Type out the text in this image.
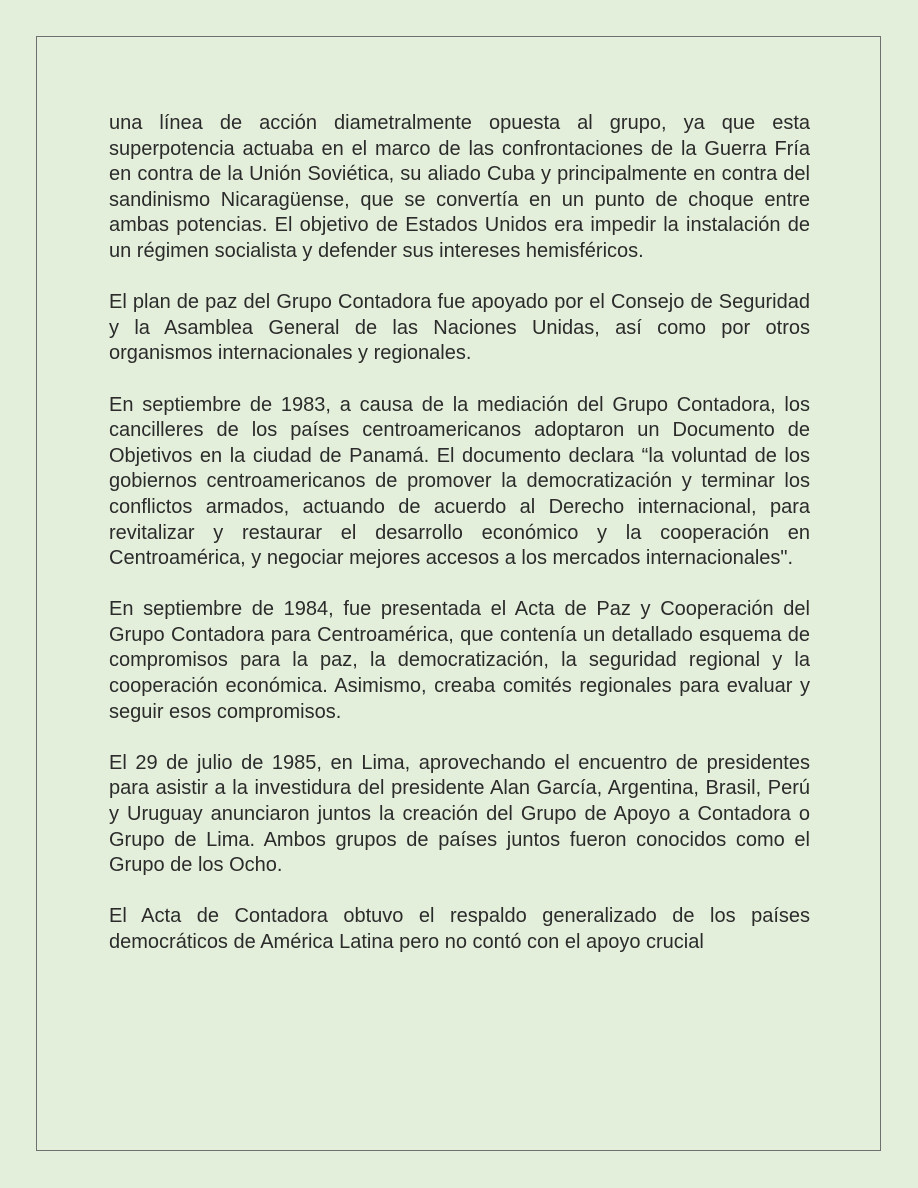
una línea de acción diametralmente opuesta al grupo, ya que esta superpotencia actuaba en el marco de las confrontaciones de la Guerra Fría en contra de la Unión Soviética, su aliado Cuba y principalmente en contra del sandinismo Nicaragüense, que se convertía en un punto de choque entre ambas potencias. El objetivo de Estados Unidos era impedir la instalación de un régimen socialista y defender sus intereses hemisféricos.

El plan de paz del Grupo Contadora fue apoyado por el Consejo de Seguridad y la Asamblea General de las Naciones Unidas, así como por otros organismos internacionales y regionales.

En septiembre de 1983, a causa de la mediación del Grupo Contadora, los cancilleres de los países centroamericanos adoptaron un Documento de Objetivos en la ciudad de Panamá. El documento declara “la voluntad de los gobiernos centroamericanos de promover la democratización y terminar los conflictos armados, actuando de acuerdo al Derecho internacional, para revitalizar y restaurar el desarrollo económico y la cooperación en Centroamérica, y negociar mejores accesos a los mercados internacionales".

En septiembre de 1984, fue presentada el Acta de Paz y Cooperación del Grupo Contadora para Centroamérica, que contenía un detallado esquema de compromisos para la paz, la democratización, la seguridad regional y la cooperación económica. Asimismo, creaba comités regionales para evaluar y seguir esos compromisos.

El 29 de julio de 1985, en Lima, aprovechando el encuentro de presidentes para asistir a la investidura del presidente Alan García, Argentina, Brasil, Perú y Uruguay anunciaron juntos la creación del Grupo de Apoyo a Contadora o Grupo de Lima. Ambos grupos de países juntos fueron conocidos como el Grupo de los Ocho.

El Acta de Contadora obtuvo el respaldo generalizado de los países democráticos de América Latina pero no contó con el apoyo crucial
